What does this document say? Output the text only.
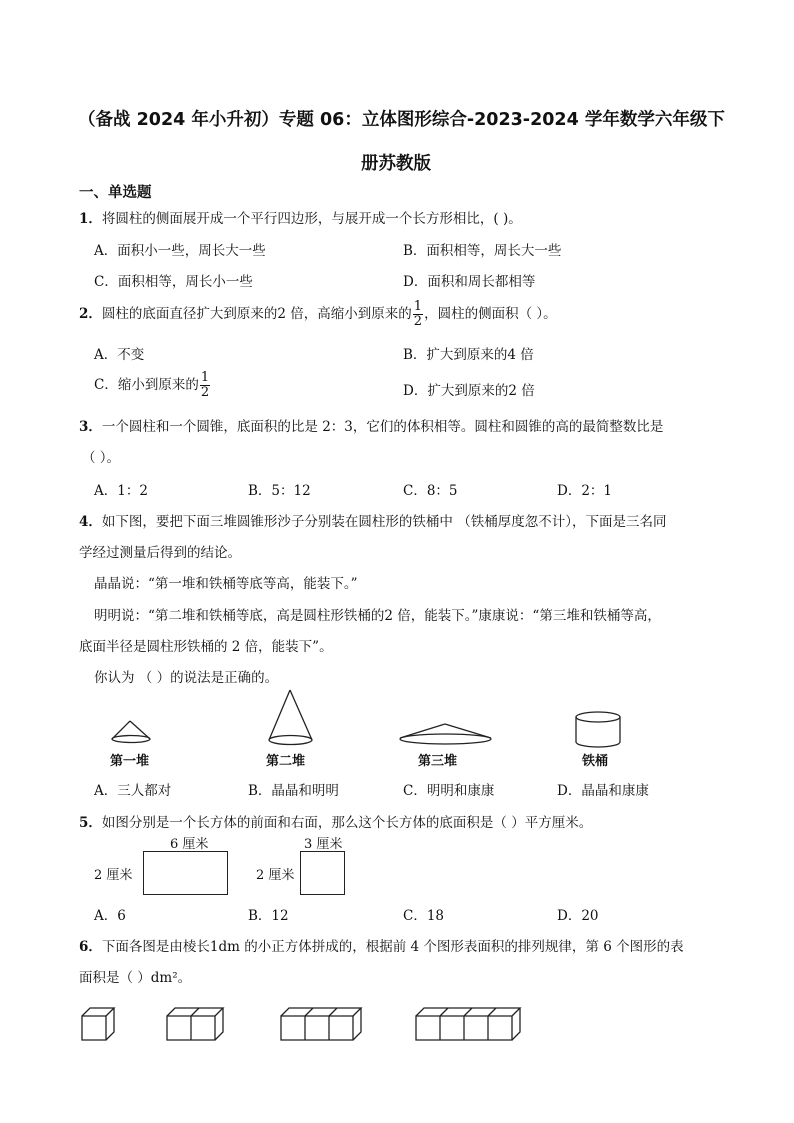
（备战 2024 年小升初）专题 06：立体图形综合-2023-2024 学年数学六年级下
册苏教版
一、单选题
1．将圆柱的侧面展开成一个平行四边形，与展开成一个长方形相比，( )。
A．面积小一些，周长大一些	B．面积相等，周长大一些
C．面积相等，周长小一些	D．面积和周长都相等
2．圆柱的底面直径扩大到原来的2 倍，高缩小到原来的 $\frac{1}{2}$ ，圆柱的侧面积（ ）。
A．不变	B．扩大到原来的4 倍
C．缩小到原来的 $\frac{1}{2}$	D．扩大到原来的2 倍
3．一个圆柱和一个圆锥，底面积的比是 2：3，它们的体积相等。圆柱和圆锥的高的最简整数比是
（ ）。
A．1：2	B．5：12	C．8：5	D．2：1
4．如下图，要把下面三堆圆锥形沙子分别装在圆柱形的铁桶中 （铁桶厚度忽不计），下面是三名同
学经过测量后得到的结论。
晶晶说：“第一堆和铁桶等底等高，能装下。”
明明说：“第二堆和铁桶等底，高是圆柱形铁桶的2 倍，能装下。”康康说：“第三堆和铁桶等高，
底面半径是圆柱形铁桶的 2 倍，能装下”。
你认为 （ ）的说法是正确的。
第一堆	第二堆	第三堆	铁桶
A．三人都对	B．晶晶和明明	C．明明和康康	D．晶晶和康康
5．如图分别是一个长方体的前面和右面，那么这个长方体的底面积是（ ）平方厘米。
6 厘米
2 厘米
3 厘米
2 厘米
A．6	B．12	C．18	D．20
6．下面各图是由棱长1dm 的小正方体拼成的，根据前 4 个图形表面积的排列规律，第 6 个图形的表
面积是（ ）dm²。
